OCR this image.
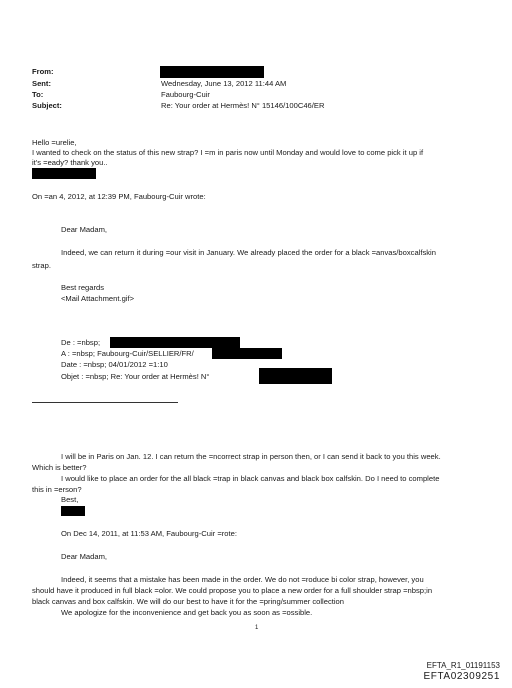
From:
Sent:	Wednesday, June 13, 2012 11:44 AM
To:	Faubourg-Cuir
Subject:	Re: Your order at Hermès! N° 15146/100C46/ER
Hello =urelie,
I wanted to check on the status of this new strap? I =m in paris now until Monday and would love to come pick it up if
it's =eady? thank you..
On =an 4, 2012, at 12:39 PM, Faubourg-Cuir wrote:
Dear Madam,
Indeed, we can return it during =our visit in January. We already placed the order for a black =anvas/boxcalfskin
strap.
Best regards
<Mail Attachment.gif>
De : =nbsp;
A : =nbsp; Faubourg-Cuir/SELLIER/FR/
Date : =nbsp; 04/01/2012 =1:10
Objet : =nbsp; Re: Your order at Hermès! N°
I will be in Paris on Jan. 12. I can return the =ncorrect strap in person then, or I can send it back to you this week.
Which is better?
I would like to place an order for the all black =trap in black canvas and black box calfskin. Do I need to complete
this in =erson?
Best,
On Dec 14, 2011, at 11:53 AM, Faubourg-Cuir =rote:
Dear Madam,
Indeed, it seems that a mistake has been made in the order. We do not =roduce bi color strap, however, you
should have it produced in full black =olor. We could propose you to place a new order for a full shoulder strap =nbsp;in
black canvas and box calfskin. We will do our best to have it for the =pring/summer collection
We apologize for the inconvenience and get back you as soon as =ossible.
1
EFTA_R1_01191153
EFTA02309251
